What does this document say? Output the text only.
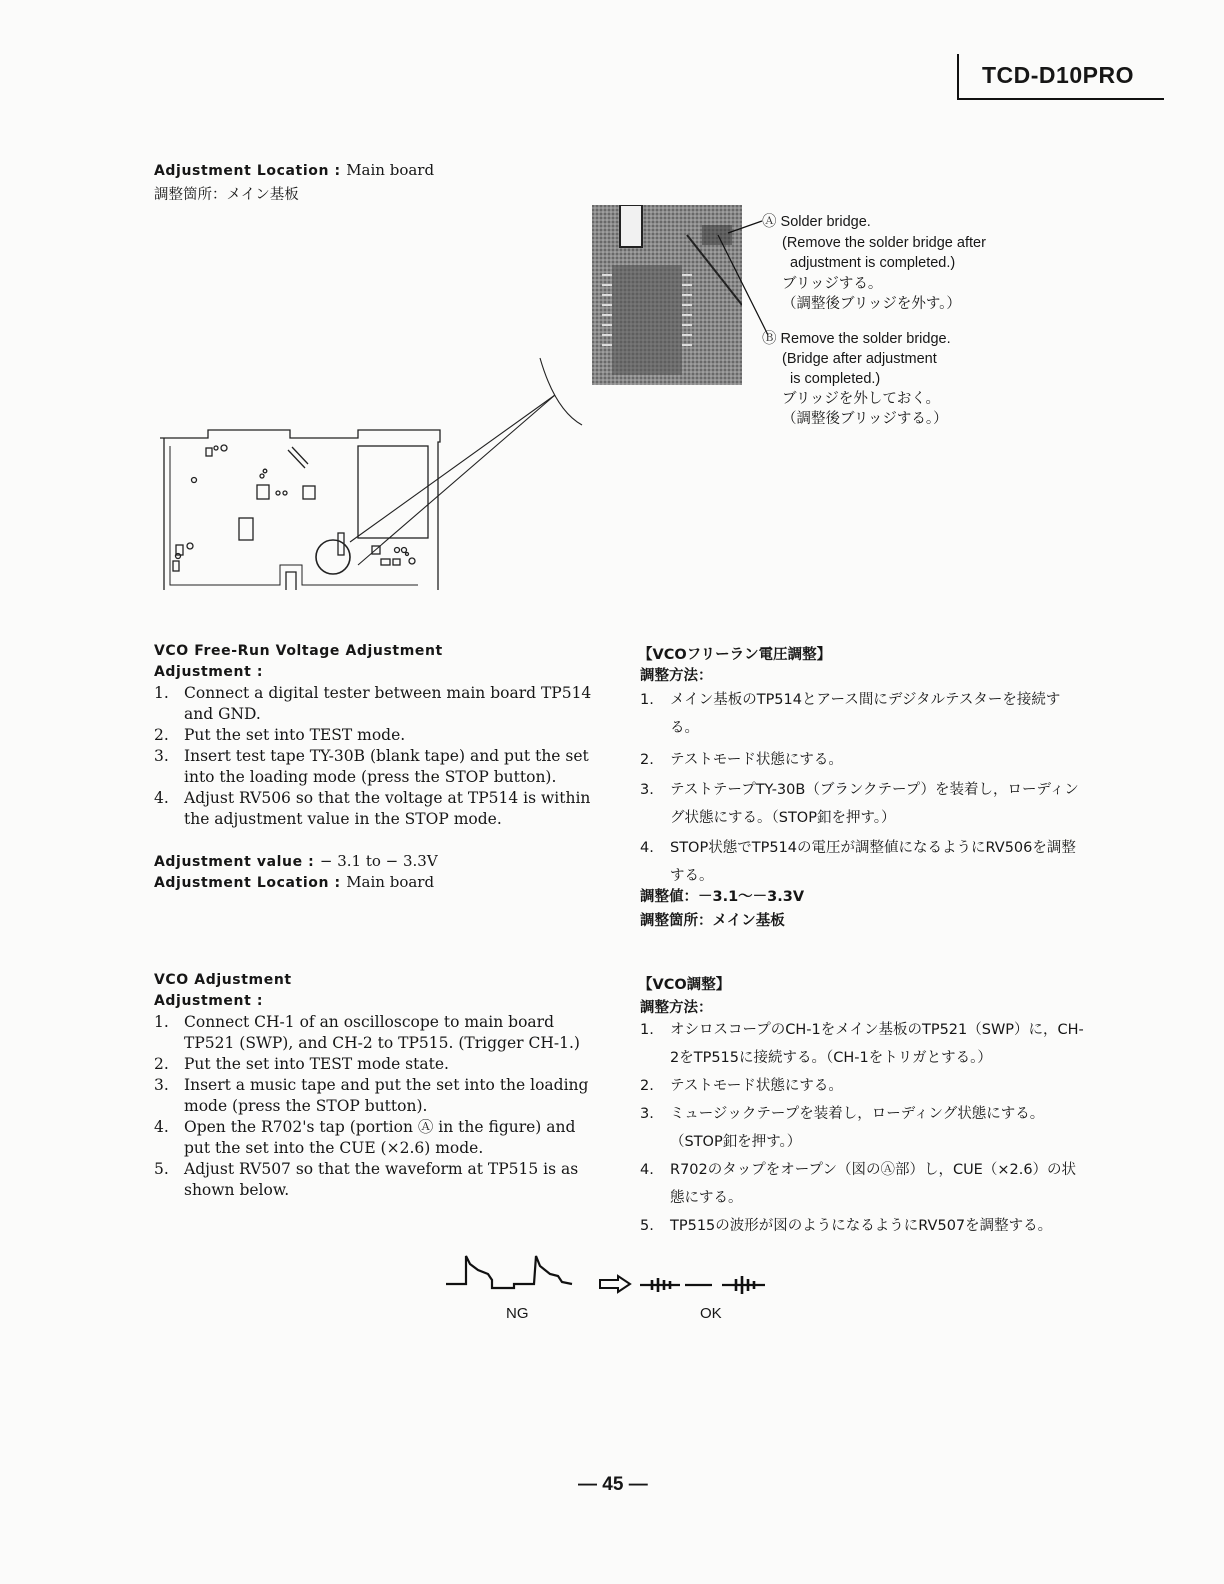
TCD-D10PRO
Adjustment Location : Main board
調整箇所：メイン基板
Ⓐ Solder bridge.
(Remove the solder bridge after
adjustment is completed.)
ブリッジする。
（調整後ブリッジを外す。）
Ⓑ Remove the solder bridge.
(Bridge after adjustment
is completed.)
ブリッジを外しておく。
（調整後ブリッジする。）
VCO Free-Run Voltage Adjustment
Adjustment :
1. Connect a digital tester between main board TP514 and GND.
2. Put the set into TEST mode.
3. Insert test tape TY-30B (blank tape) and put the set into the loading mode (press the STOP button).
4. Adjust RV506 so that the voltage at TP514 is within the adjustment value in the STOP mode.
Adjustment value : − 3.1 to − 3.3V
Adjustment Location : Main board
【VCOフリーラン電圧調整】
調整方法：
1. メイン基板のTP514とアース間にデジタルテスターを接続する。
2. テストモード状態にする。
3. テストテープTY-30B（ブランクテープ）を装着し，ローディング状態にする。（STOP釦を押す。）
4. STOP状態でTP514の電圧が調整値になるようにRV506を調整する。
調整値：－3.1～－3.3V
調整箇所：メイン基板
VCO Adjustment
Adjustment :
1. Connect CH-1 of an oscilloscope to main board TP521 (SWP), and CH-2 to TP515. (Trigger CH-1.)
2. Put the set into TEST mode state.
3. Insert a music tape and put the set into the loading mode (press the STOP button).
4. Open the R702's tap (portion Ⓐ in the figure) and put the set into the CUE (×2.6) mode.
5. Adjust RV507 so that the waveform at TP515 is as shown below.
【VCO調整】
調整方法：
1. オシロスコープのCH-1をメイン基板のTP521（SWP）に，CH-2をTP515に接続する。（CH-1をトリガとする。）
2. テストモード状態にする。
3. ミュージックテープを装着し，ローディング状態にする。（STOP釦を押す。）
4. R702のタップをオープン（図のⒶ部）し，CUE（×2.6）の状態にする。
5. TP515の波形が図のようになるようにRV507を調整する。
NG	OK
— 45 —
